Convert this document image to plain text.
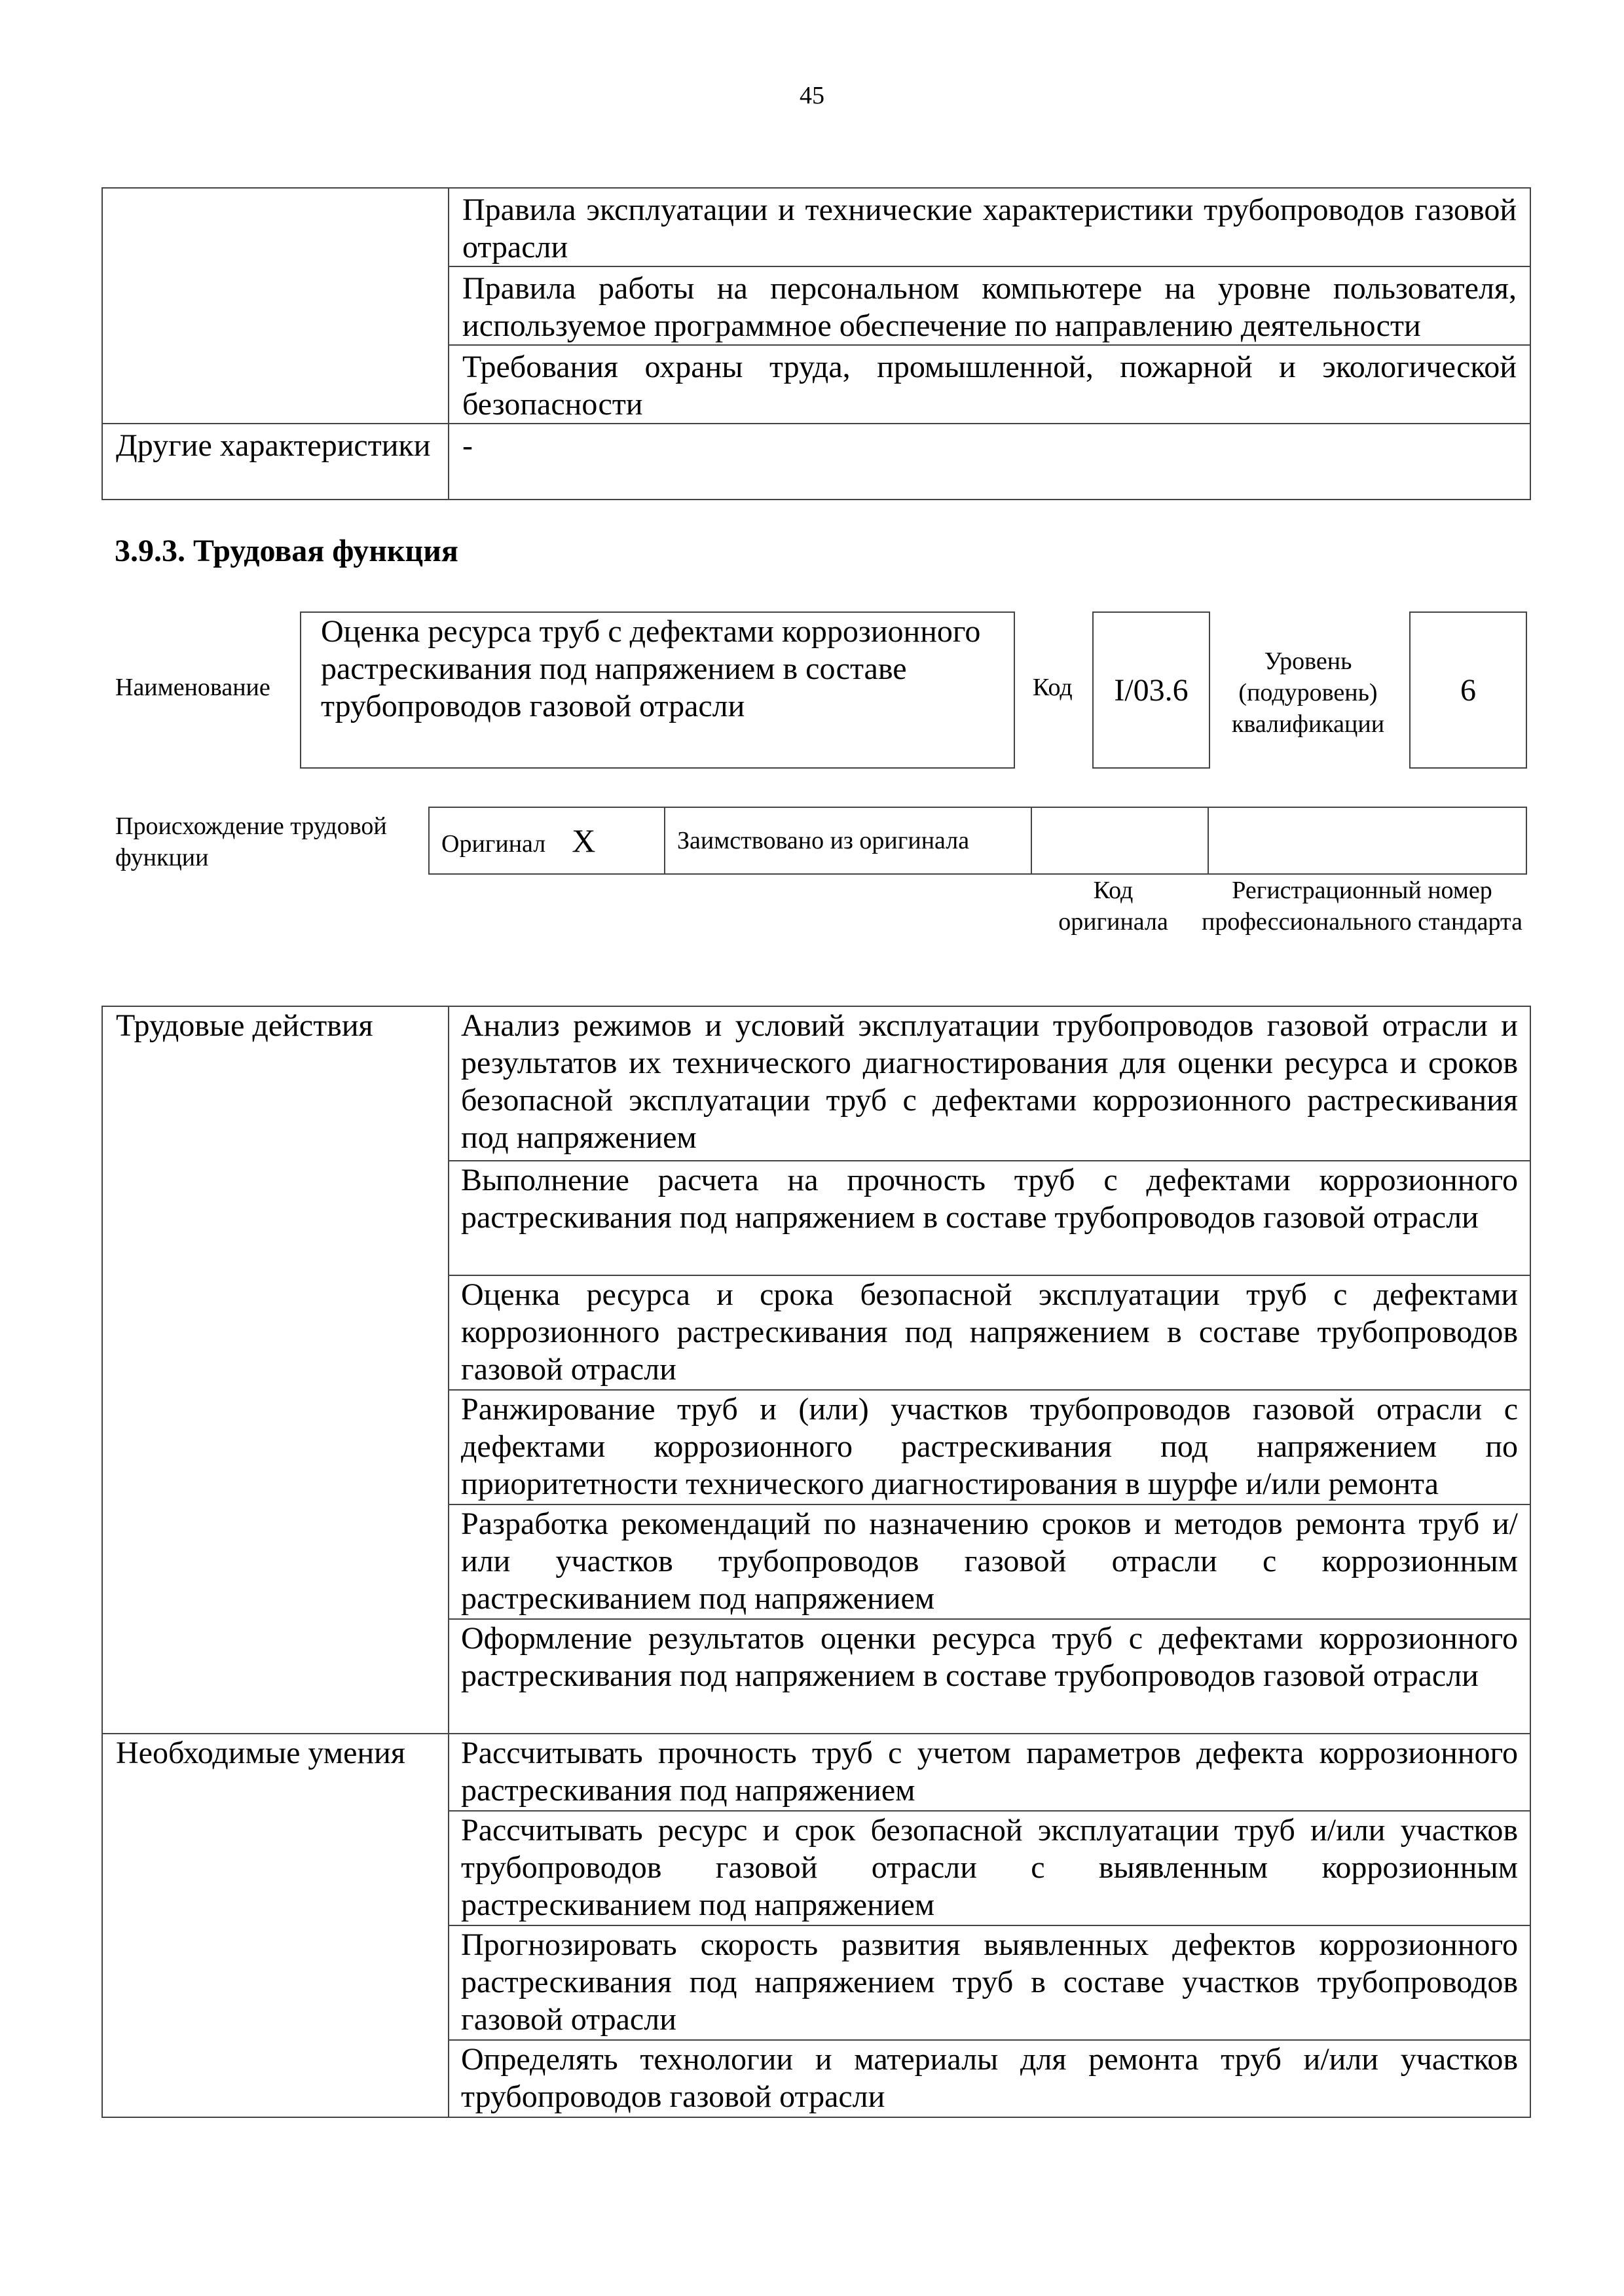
45
	Правила эксплуатации и технические характеристики трубопроводов газовой отрасли
	Правила работы на персональном компьютере на уровне пользователя, используемое программное обеспечение по направлению деятельности
	Требования охраны труда, промышленной, пожарной и экологической безопасности
Другие характеристики	-
3.9.3. Трудовая функция
Наименование
Оценка ресурса труб с дефектами коррозионного растрескивания под напряжением в составе трубопроводов газовой отрасли
Код I/03.6
Уровень (подуровень) квалификации
6
Происхождение трудовой функции	Оригинал X	Заимствовано из оригинала		
Код оригинала
Регистрационный номер профессионального стандарта
Трудовые действия	Анализ режимов и условий эксплуатации трубопроводов газовой отрасли и результатов их технического диагностирования для оценки ресурса и сроков безопасной эксплуатации труб с дефектами коррозионного растрескивания под напряжением
	Выполнение расчета на прочность труб с дефектами коррозионного растрескивания под напряжением в составе трубопроводов газовой отрасли
	Оценка ресурса и срока безопасной эксплуатации труб с дефектами коррозионного растрескивания под напряжением в составе трубопроводов газовой отрасли
	Ранжирование труб и (или) участков трубопроводов газовой отрасли с дефектами коррозионного растрескивания под напряжением по приоритетности технического диагностирования в шурфе и/или ремонта
	Разработка рекомендаций по назначению сроков и методов ремонта труб и/или участков трубопроводов газовой отрасли с коррозионным растрескиванием под напряжением
	Оформление результатов оценки ресурса труб с дефектами коррозионного растрескивания под напряжением в составе трубопроводов газовой отрасли
Необходимые умения	Рассчитывать прочность труб с учетом параметров дефекта коррозионного растрескивания под напряжением
	Рассчитывать ресурс и срок безопасной эксплуатации труб и/или участков трубопроводов газовой отрасли с выявленным коррозионным растрескиванием под напряжением
	Прогнозировать скорость развития выявленных дефектов коррозионного растрескивания под напряжением труб в составе участков трубопроводов газовой отрасли
	Определять технологии и материалы для ремонта труб и/или участков трубопроводов газовой отрасли
